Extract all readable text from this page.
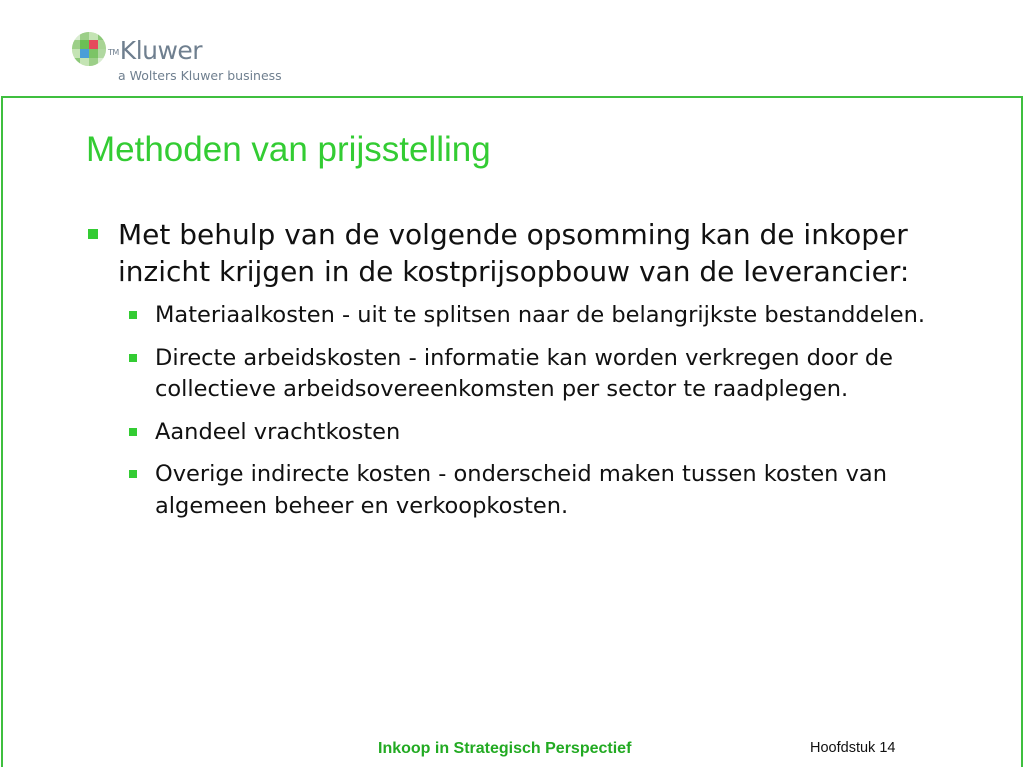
TMKluwer
a Wolters Kluwer business
Methoden van prijsstelling
Met behulp van de volgende opsomming kan de inkoper inzicht krijgen in de kostprijsopbouw van de leverancier:
Materiaalkosten - uit te splitsen naar de belangrijkste bestanddelen.
Directe arbeidskosten - informatie kan worden verkregen door de collectieve arbeidsovereenkomsten per sector te raadplegen.
Aandeel vrachtkosten
Overige indirecte kosten - onderscheid maken tussen kosten van algemeen beheer en verkoopkosten.
Inkoop in Strategisch Perspectief	Hoofdstuk 14
